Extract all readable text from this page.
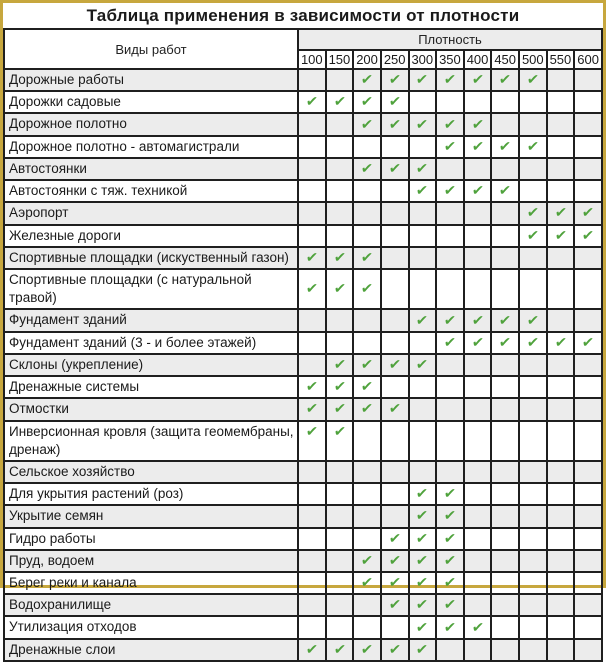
Таблица применения в зависимости от плотности
Виды работ	Плотность										
	100	150	200	250	300	350	400	450	500	550	600
Дорожные работы			✔	✔	✔	✔	✔	✔	✔		
Дорожки садовые	✔	✔	✔	✔							
Дорожное полотно			✔	✔	✔	✔	✔				
Дорожное полотно - автомагистрали						✔	✔	✔	✔		
Автостоянки			✔	✔	✔						
Автостоянки с тяж. техникой					✔	✔	✔	✔			
Аэропорт									✔	✔	✔
Железные дороги									✔	✔	✔
Спортивные площадки (искуственный газон)	✔	✔	✔								
Спортивные площадки (с натуральной травой)	✔	✔	✔								
Фундамент зданий					✔	✔	✔	✔	✔		
Фундамент зданий (3 - и более этажей)						✔	✔	✔	✔	✔	✔
Склоны (укрепление)		✔	✔	✔	✔						
Дренажные системы	✔	✔	✔								
Отмостки	✔	✔	✔	✔							
Инверсионная кровля (защита геомембраны, дренаж)	✔	✔									
Сельское хозяйство											
Для укрытия растений (роз)					✔	✔					
Укрытие семян					✔	✔					
Гидро работы				✔	✔	✔					
Пруд, водоем			✔	✔	✔	✔					
Берег реки и канала			✔	✔	✔	✔					
Водохранилище				✔	✔	✔					
Утилизация отходов					✔	✔	✔				
Дренажные слои	✔	✔	✔	✔	✔						
